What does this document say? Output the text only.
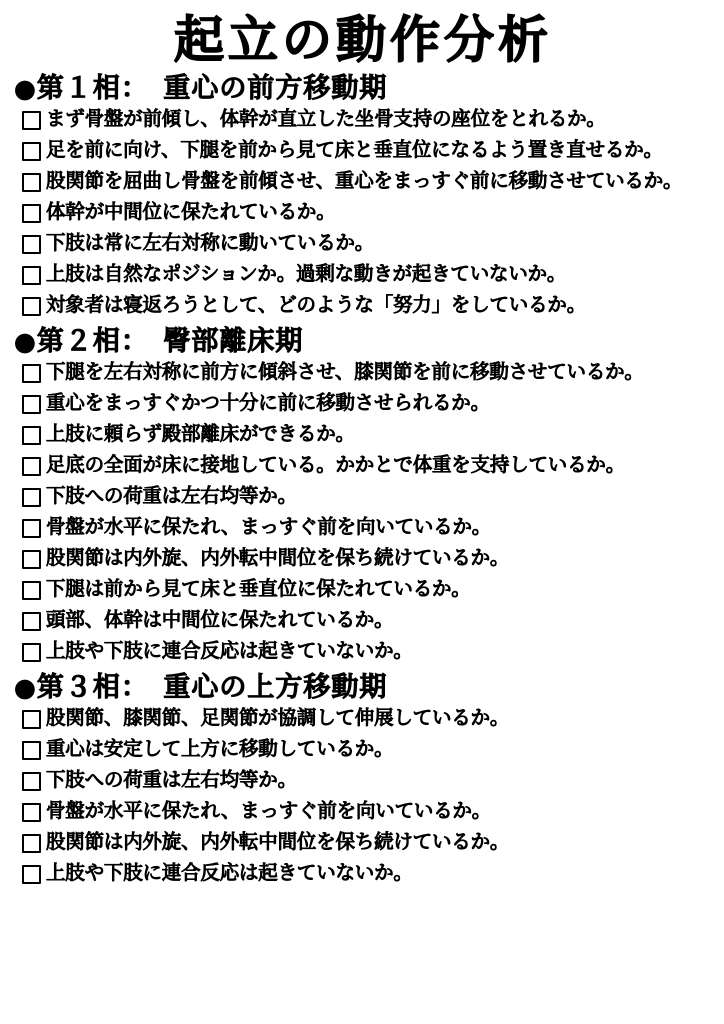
起立の動作分析
●第１相：　重心の前方移動期
まず骨盤が前傾し、体幹が直立した坐骨支持の座位をとれるか。
足を前に向け、下腿を前から見て床と垂直位になるよう置き直せるか。
股関節を屈曲し骨盤を前傾させ、重心をまっすぐ前に移動させているか。
体幹が中間位に保たれているか。
下肢は常に左右対称に動いているか。
上肢は自然なポジションか。過剰な動きが起きていないか。
対象者は寝返ろうとして、どのような「努力」をしているか。
●第２相：　臀部離床期
下腿を左右対称に前方に傾斜させ、膝関節を前に移動させているか。
重心をまっすぐかつ十分に前に移動させられるか。
上肢に頼らず殿部離床ができるか。
足底の全面が床に接地している。かかとで体重を支持しているか。
下肢への荷重は左右均等か。
骨盤が水平に保たれ、まっすぐ前を向いているか。
股関節は内外旋、内外転中間位を保ち続けているか。
下腿は前から見て床と垂直位に保たれているか。
頭部、体幹は中間位に保たれているか。
上肢や下肢に連合反応は起きていないか。
●第３相：　重心の上方移動期
股関節、膝関節、足関節が協調して伸展しているか。
重心は安定して上方に移動しているか。
下肢への荷重は左右均等か。
骨盤が水平に保たれ、まっすぐ前を向いているか。
股関節は内外旋、内外転中間位を保ち続けているか。
上肢や下肢に連合反応は起きていないか。
